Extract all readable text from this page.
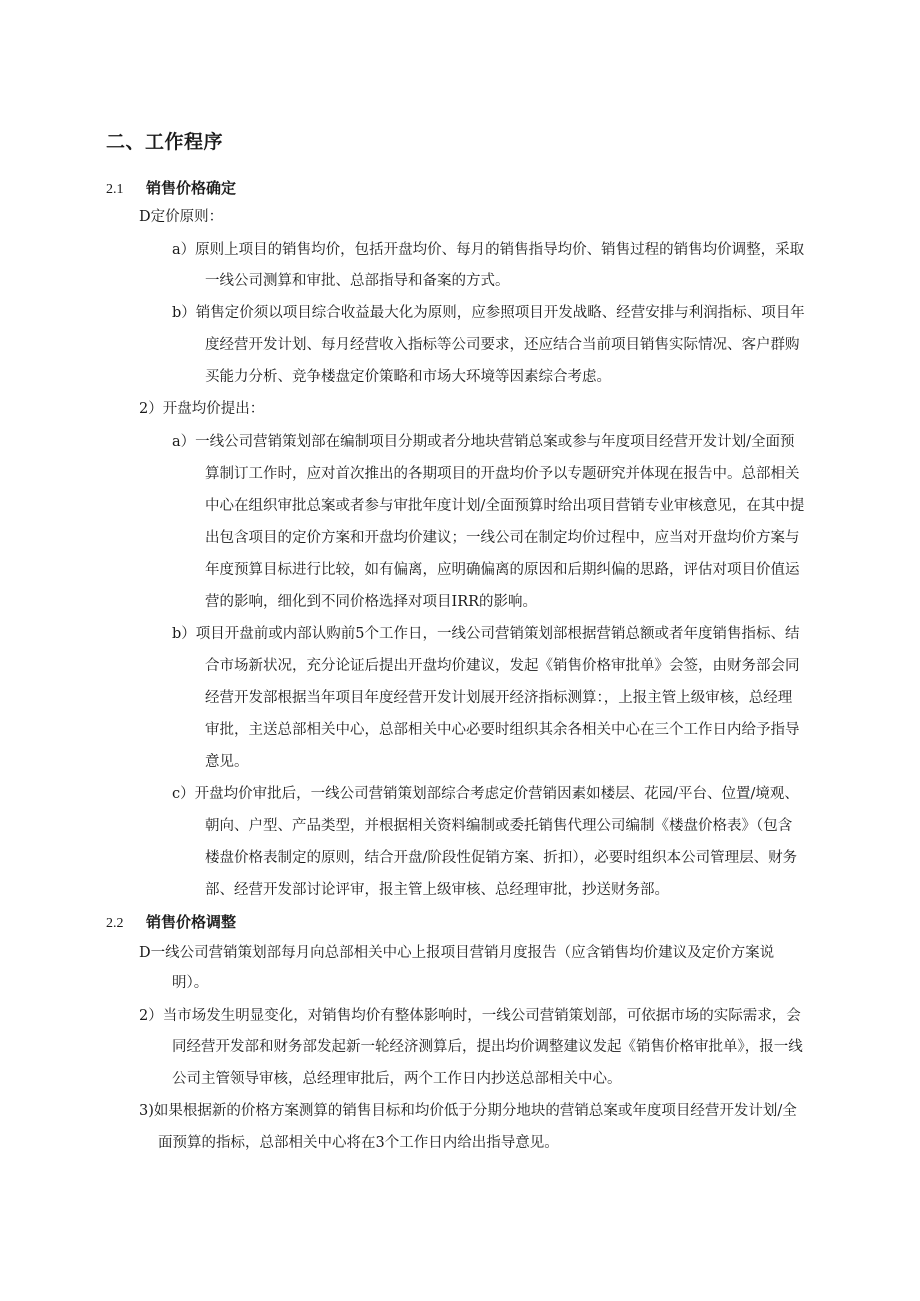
二、工作程序
2.1 销售价格确定
D定价原则：
a）原则上项目的销售均价，包括开盘均价、每月的销售指导均价、销售过程的销售均价调整，采取
一线公司测算和审批、总部指导和备案的方式。
b）销售定价须以项目综合收益最大化为原则，应参照项目开发战略、经营安排与利润指标、项目年
度经营开发计划、每月经营收入指标等公司要求，还应结合当前项目销售实际情况、客户群购
买能力分析、竞争楼盘定价策略和市场大环境等因素综合考虑。
2）开盘均价提出：
a）一线公司营销策划部在编制项目分期或者分地块营销总案或参与年度项目经营开发计划/全面预
算制订工作时，应对首次推出的各期项目的开盘均价予以专题研究并体现在报告中。总部相关
中心在组织审批总案或者参与审批年度计划/全面预算时给出项目营销专业审核意见，在其中提
出包含项目的定价方案和开盘均价建议；一线公司在制定均价过程中，应当对开盘均价方案与
年度预算目标进行比较，如有偏离，应明确偏离的原因和后期纠偏的思路，评估对项目价值运
营的影响，细化到不同价格选择对项目IRR的影响。
b）项目开盘前或内部认购前5个工作日，一线公司营销策划部根据营销总额或者年度销售指标、结
合市场新状况，充分论证后提出开盘均价建议，发起《销售价格审批单》会签，由财务部会同
经营开发部根据当年项目年度经营开发计划展开经济指标测算：，上报主管上级审核，总经理
审批，主送总部相关中心，总部相关中心必要时组织其余各相关中心在三个工作日内给予指导
意见。
c）开盘均价审批后，一线公司营销策划部综合考虑定价营销因素如楼层、花园/平台、位置/境观、
朝向、户型、产品类型，并根据相关资料编制或委托销售代理公司编制《楼盘价格表》（包含
楼盘价格表制定的原则，结合开盘/阶段性促销方案、折扣），必要时组织本公司管理层、财务
部、经营开发部讨论评审，报主管上级审核、总经理审批，抄送财务部。
2.2 销售价格调整
D一线公司营销策划部每月向总部相关中心上报项目营销月度报告（应含销售均价建议及定价方案说
明）。
2）当市场发生明显变化，对销售均价有整体影响时，一线公司营销策划部，可依据市场的实际需求，会
同经营开发部和财务部发起新一轮经济测算后，提出均价调整建议发起《销售价格审批单》，报一线
公司主管领导审核，总经理审批后，两个工作日内抄送总部相关中心。
3)如果根据新的价格方案测算的销售目标和均价低于分期分地块的营销总案或年度项目经营开发计划/全
面预算的指标，总部相关中心将在3个工作日内给出指导意见。
